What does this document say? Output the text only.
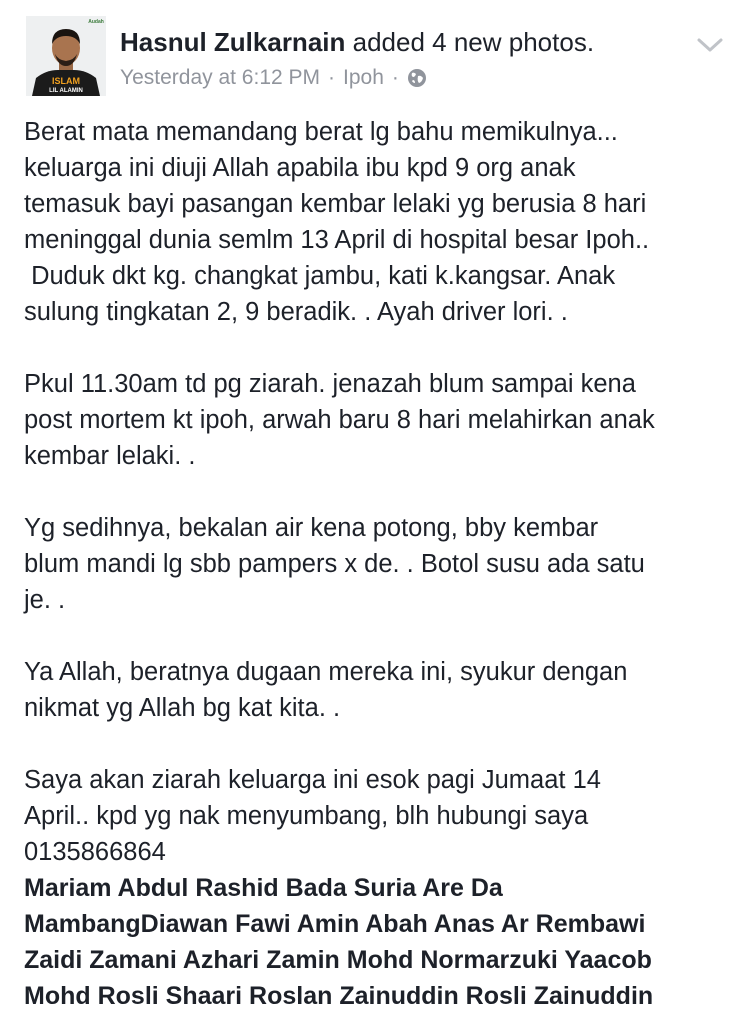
ISLAM
LIL ALAMIN
Audah
Hasnul Zulkarnain added 4 new photos.
Yesterday at 6:12 PM · Ipoh ·
Berat mata memandang berat lg bahu memikulnya...
keluarga ini diuji Allah apabila ibu kpd 9 org anak
temasuk bayi pasangan kembar lelaki yg berusia 8 hari
meninggal dunia semlm 13 April di hospital besar Ipoh..
Duduk dkt kg. changkat jambu, kati k.kangsar. Anak
sulung tingkatan 2, 9 beradik. . Ayah driver lori. .
Pkul 11.30am td pg ziarah. jenazah blum sampai kena
post mortem kt ipoh, arwah baru 8 hari melahirkan anak
kembar lelaki. .
Yg sedihnya, bekalan air kena potong, bby kembar
blum mandi lg sbb pampers x de. . Botol susu ada satu
je. .
Ya Allah, beratnya dugaan mereka ini, syukur dengan
nikmat yg Allah bg kat kita. .
Saya akan ziarah keluarga ini esok pagi Jumaat 14
April.. kpd yg nak menyumbang, blh hubungi saya
0135866864
Mariam Abdul Rashid Bada Suria Are Da
MambangDiawan Fawi Amin Abah Anas Ar Rembawi
Zaidi Zamani Azhari Zamin Mohd Normarzuki Yaacob
Mohd Rosli Shaari Roslan Zainuddin Rosli Zainuddin
